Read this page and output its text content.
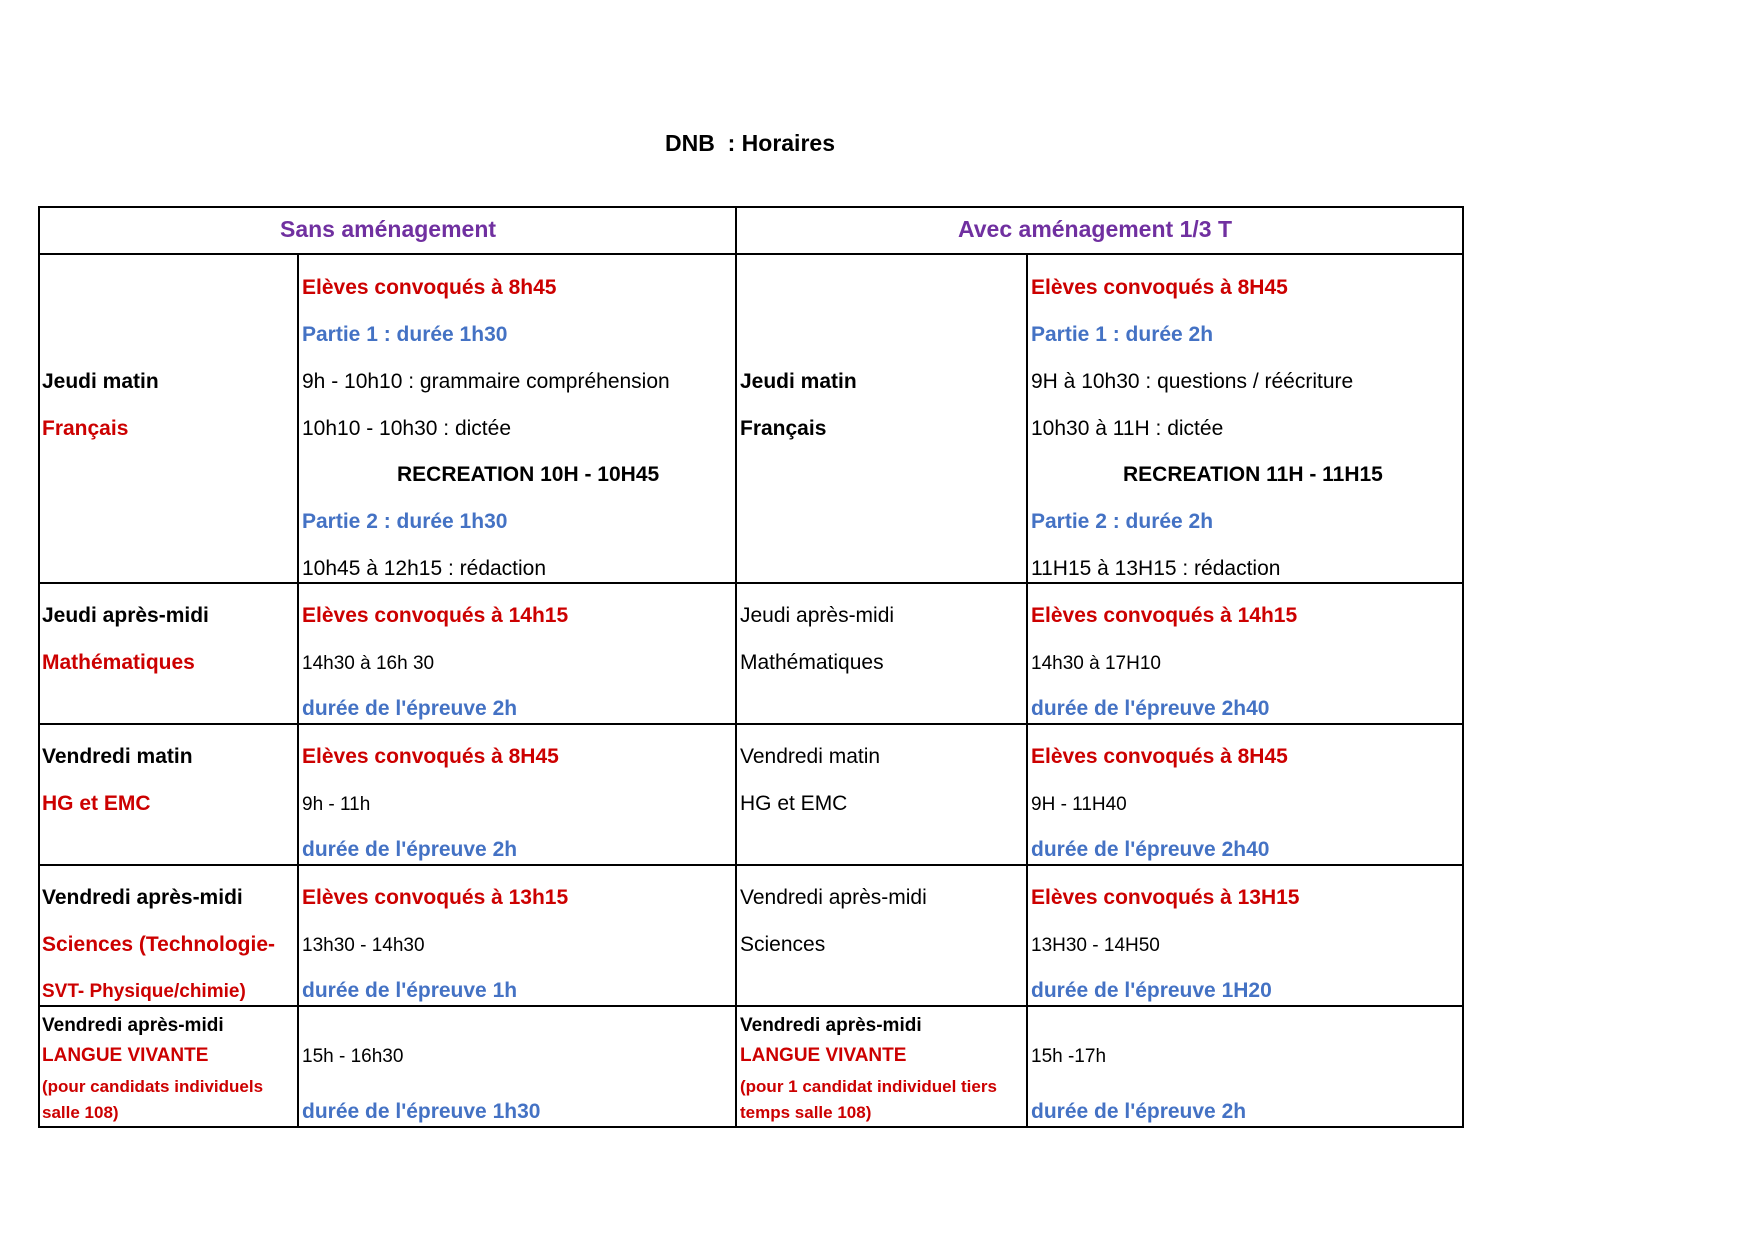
DNB  : Horaires
Sans aménagement	Avec aménagement 1/3 T
Jeudi matin
Français
Elèves convoqués à 8h45
Partie 1 : durée 1h30
9h - 10h10 : grammaire compréhension
10h10 - 10h30 : dictée
RECREATION 10H - 10H45
Partie 2 : durée 1h30
10h45 à 12h15 : rédaction
Jeudi matin
Français
Elèves convoqués à 8H45
Partie 1 : durée 2h
9H à 10h30 : questions / réécriture
10h30 à 11H : dictée
RECREATION 11H - 11H15
Partie 2 : durée 2h
11H15 à 13H15 : rédaction
Jeudi après-midi
Mathématiques
Elèves convoqués à 14h15
14h30 à 16h 30
durée de l'épreuve 2h
Jeudi après-midi
Mathématiques
Elèves convoqués à 14h15
14h30 à 17H10
durée de l'épreuve 2h40
Vendredi matin
HG et EMC
Elèves convoqués à 8H45
9h - 11h
durée de l'épreuve 2h
Vendredi matin
HG et EMC
Elèves convoqués à 8H45
9H - 11H40
durée de l'épreuve 2h40
Vendredi après-midi
Sciences (Technologie-
SVT- Physique/chimie)
Elèves convoqués à 13h15
13h30 - 14h30
durée de l'épreuve 1h
Vendredi après-midi
Sciences
Elèves convoqués à 13H15
13H30 - 14H50
durée de l'épreuve 1H20
Vendredi après-midi
LANGUE VIVANTE
(pour candidats individuels
salle 108)
15h - 16h30
durée de l'épreuve 1h30
Vendredi après-midi
LANGUE VIVANTE
(pour 1 candidat individuel tiers
temps salle 108)
15h -17h
durée de l'épreuve 2h
